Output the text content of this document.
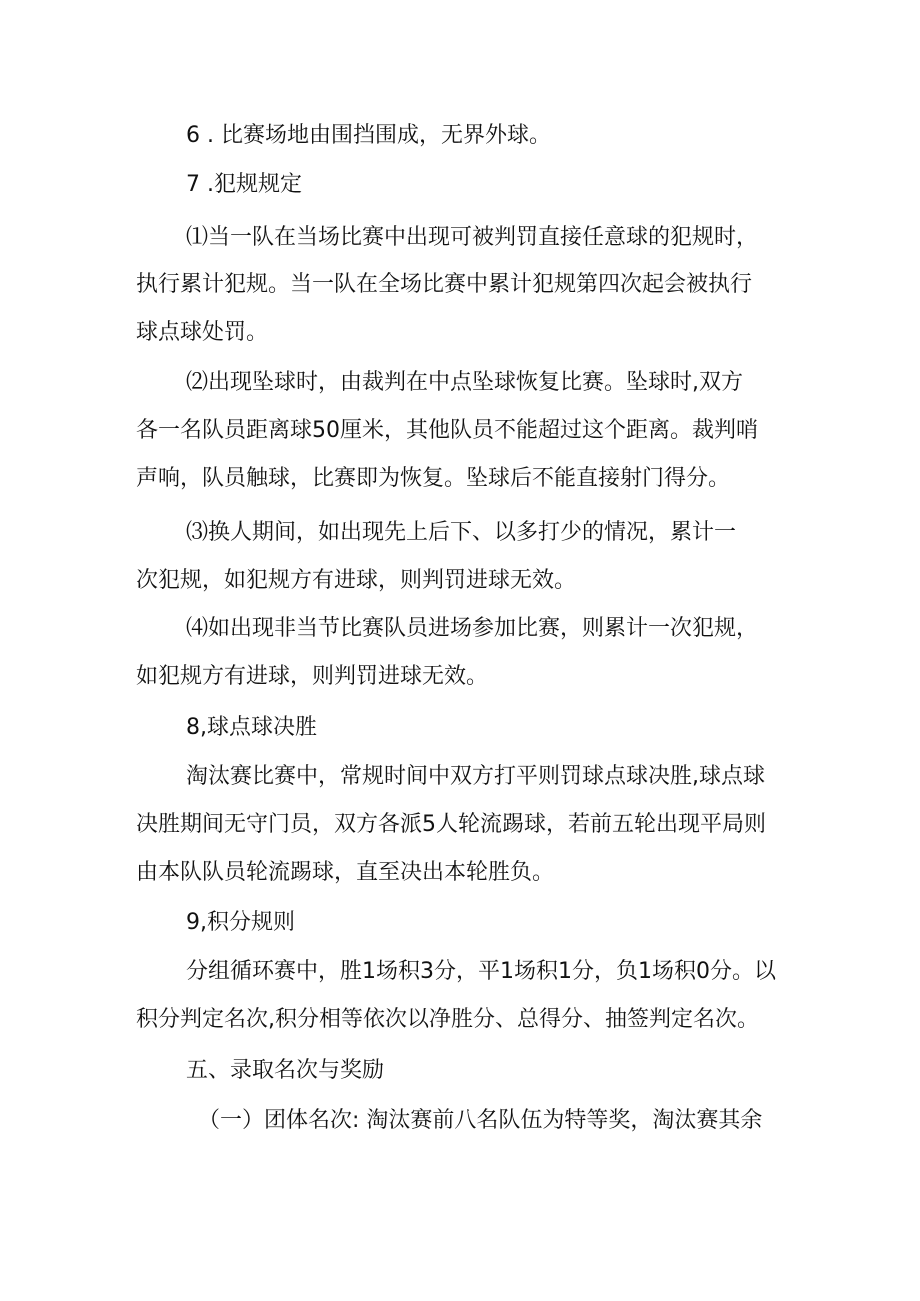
6 . 比赛场地由围挡围成，无界外球。
7 .犯规规定
⑴当一队在当场比赛中出现可被判罚直接任意球的犯规时，
执行累计犯规。当一队在全场比赛中累计犯规第四次起会被执行
球点球处罚。
⑵出现坠球时，由裁判在中点坠球恢复比赛。坠球时,双方
各一名队员距离球50厘米，其他队员不能超过这个距离。裁判哨
声响，队员触球，比赛即为恢复。坠球后不能直接射门得分。
⑶换人期间，如出现先上后下、以多打少的情况，累计一
次犯规，如犯规方有进球，则判罚进球无效。
⑷如出现非当节比赛队员进场参加比赛，则累计一次犯规，
如犯规方有进球，则判罚进球无效。
8,球点球决胜
淘汰赛比赛中，常规时间中双方打平则罚球点球决胜,球点球
决胜期间无守门员，双方各派5人轮流踢球，若前五轮出现平局则
由本队队员轮流踢球，直至决出本轮胜负。
9,积分规则
分组循环赛中，胜1场积3分，平1场积1分，负1场积0分。以
积分判定名次,积分相等依次以净胜分、总得分、抽签判定名次。
五、录取名次与奖励
（一）团体名次: 淘汰赛前八名队伍为特等奖，淘汰赛其余
